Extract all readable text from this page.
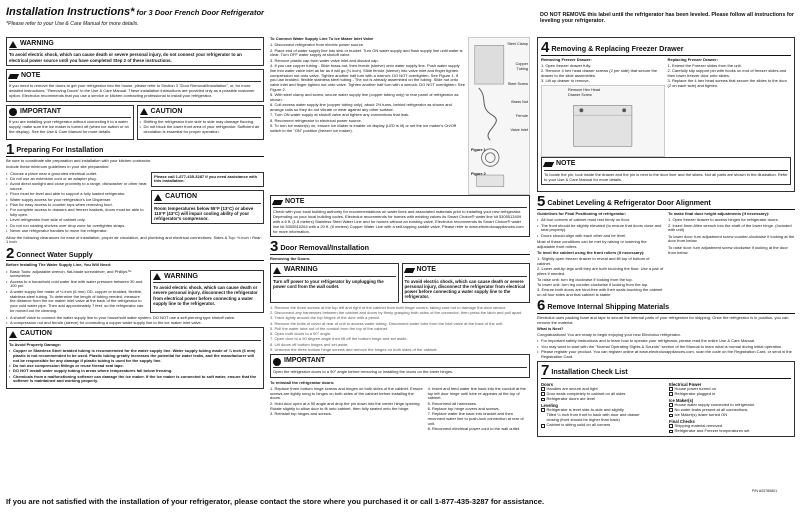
Installation Instructions* for 3 Door French Door Refrigerator
*Please refer to your Use & Care Manual for more details.
DO NOT REMOVE this label until the refrigerator has been leveled. Please follow all instructions for leveling your refrigerator.
WARNING
To avoid electric shock, which can cause death or severe personal injury, do not connect your refrigerator to an electrical power source until you have completed Step 2 of these instructions.
NOTE
If you need to remove the doors to get your refrigerator into the house, please refer to Section 3 "Door Removal/Installation", or, for more detailed instructions, "Removing Doors" in the Use & Care Manual. These installation instructions are provided only as a possible customer option. Electrolux recommends that you use a service or kitchen contracting professional to install your refrigerator.
IMPORTANT
If you are installing your refrigerator without connecting it to a water supply, make sure the ice maker is turned off (when ice switch or on the display). See the Use & Care Manual for more details.
CAUTION
• Shifting the refrigerator from side to side may damage flooring.
• Do not block the lower front area of your refrigerator. Sufficient air circulation is essential for proper operation.
1 Preparing For Installation

Be sure to coordinate site preparation and installation with your kitchen contractor.

Include these minimum guidelines in your site preparation:

• Choose a place near a grounded electrical outlet.
• Do not use an extension cord or an adapter plug.
• Avoid direct sunlight and close proximity to a range, dishwasher or other heat source.
• Floor must be level and able to support a fully loaded refrigerator.
• Water supply access for your refrigerator's Ice Dispenser.
• Plan for easy access to counter tops when removing food.
• For complete access to drawers and freezer baskets, doors must be able to fully open.
• Level refrigerator from side of cabinet only.
• Do not run rotating shelves over drop zone for overtighten straps.
• Never use refrigerator handles to move the refrigerator.
Please call 1-877-435-3287 if you need assistance with this installation.
CAUTION
Room temperatures below 55°F (13°C) or above 110°F (43°C) will impair cooling ability of your refrigerator's compressor.

Allow the following clearances for ease of installation, proper air circulation, and plumbing and electrical connections: Sides & Top: ⅜ inch / Rear: 1 inch

2 Connect Water Supply

Before Installing The Water Supply Line, You Will Need:

• Basic Tools: adjustable wrench, flat-blade screwdriver, and Phillips™ screwdriver
• Access to a household cold water line with water pressure between 30 and 100 psi.
• A water supply line made of ¼ inch (6 mm) OD, copper or braided, flexible, stainless steel tubing. To determine the length of tubing needed, measure the distance from the ice maker inlet valve at the back of the refrigerator to your cold water pipe. Then add approximately 7 feet, so the refrigerator can be moved out for cleaning.
WARNING
To avoid electric shock, which can cause death or severe personal injury, disconnect the refrigerator from electrical power before connecting a water supply line to the refrigerator.
• A shutoff valve to connect the water supply line to your household water system. DO NOT use a self-piercing type shutoff valve.
• A compression nut and ferrule (sleeve) for connecting a copper water supply line to the ice maker inlet valve.
CAUTION

To Avoid Property Damage:

• Copper or Stainless Steel braided tubing is recommended for the water supply line. Water supply tubing made of ¼ inch (6 mm) plastic is not recommended to be used. Plastic tubing greatly increases the potential for water leaks, and the manufacturer will not be responsible for any damage if plastic tubing is used for the supply line.
• Do not use compression fittings or reuse thread seal tape.
• DO NOT install water supply tubing in areas where temperatures fall below freezing.
• Chemicals from a malfunctioning softener can damage the ice maker. If the ice maker is connected to soft water, ensure that the softener is maintained and working properly.

To Connect Water Supply Line To Ice Maker Inlet Valve

1. Disconnect refrigerator from electric power source.
2. Place end of water supply line into sink or bucket. Turn ON water supply and flush supply line until water is clear. Turn OFF water supply at shutoff valve.
3. Remove plastic cap from water valve inlet and discard cap.
4. If you use copper tubing - Slide brass nut, then ferrule (sleeve) onto water supply line. Push water supply line into water valve inlet as far as it will go (¼ inch). Slide ferrule (sleeve) into valve inlet and finger tighten compression nut onto valve. Tighten another half turn with a wrench; DO NOT overtighten. See Figure 1. If you use braided, flexible stainless steel tubing - The nut is already assembled on the tubing. Slide nut onto valve inlet and finger tighten nut onto valve. Tighten another half turn with a wrench; DO NOT overtighten. See Figure 2.
5. With steel clamp and screw, secure water supply line (copper tubing only) to rear panel of refrigerator as shown.
6. Coil excess water supply line (copper tubing only), about 2½ turns, behind refrigerator as shown and arrange coils so they do not vibrate or wear against any other surface.
7. Turn ON water supply at shutoff valve and tighten any connections that leak.
8. Reconnect refrigerator to electrical power source.
9. To turn ice maker(s) on, ensure Ice Maker is enable on display (LED is lit) or set the ice maker's On/Off switch to the "ON" position (freezer ice maker).
Steel Clamp
Copper Tubing
Steel Screw
Brass Nut
Ferrule
Valve Inlet
Figure 1
Figure 2
NOTE
Check with your local building authority for recommendations on water lines and associated materials prior to installing your new refrigerator. Depending on your local building codes, Electrolux recommends for homes with existing valves its Smart Choice® water line kit 5305513409 with a 6 ft. (1.8 meters) Stainless Steel Water Line and for homes without an existing valve, Electrolux recommends its Smart Choice® water line kit 5305510264 with a 20 ft. (6 meters) Copper Water Line with a self-tapping saddle valve. Please refer to www.electroluxappliances.com for more information.
3 Door Removal/Installation

Removing the Doors:

WARNING
Turn off power to your refrigerator by unplugging the power cord from the wall outlet.
NOTE
To avoid electric shock, which can cause death or severe personal injury, disconnect the refrigerator from electrical power before connecting a water supply line to the refrigerator.
1. Remove the three screws at the top left and right of the cabinet from both hinge covers, taking care not to damage the door sensor.
2. Disconnect any harnesses between the cabinet and doors by firmly grasping both sides of the connector, then press the latch and pull apart.
3. Trace lightly around the top hinges of the door with a pencil.
4. Remove the bolts of cover at rear of unit to access water tubing. Disconnect water tube from the inlet valve at the back of the unit.
5. Pull the water tube out of the conduit from the top of the cabinet.
6. Open both doors to a 90° angle.
7. Open door to a 90 degree angle then lift off the bottom hinge and set aside.
8. Lift doors off bottom hinges and set aside.
9. Unscrew the three bottom hinge screws and remove the hinges on both sides of the cabinet.
IMPORTANT
Open the refrigerator doors to a 90° angle before removing or installing the doors on the lower hinges.

To reinstall the refrigerator doors:

1. Replace three bottom hinge screws and hinges on both sides of the cabinet. Ensure screws are tightly snug to hinges on both sides of the cabinet before installing the doors.
2. Hold door open at a 90 angle and drop the pin down into the center hinge opening. Rotate slightly to allow door to fit onto cabinet, then fully seated onto the hinge.
3. Reinstall top hinges and screws.
4. Insert and feed water line back into the conduit at the top left door hinge until tube re-appears at the top of cabinet.
5. Reconnect all harnesses.
6. Replace top hinge covers and screws.
7. Replace water line back into bracket and then reconnect water line to push-lock connection at rear of unit.
8. Reconnect electrical power cord to the wall outlet.
4 Removing & Replacing Freezer Drawer

Removing Freezer Drawer:

1. Open freezer drawer fully.
2. Remove 4 hex head drawer screws (2 per side) that secure the drawer to the slide assemblies.
3. Lift up drawer to remove.
Remove Hex Head Drawer Screw

Replacing Freezer Drawer:

1. Extend the Freezer slides from the unit.
2. Carefully slip support pin with hooks on end of freezer slides and then lower freezer door onto slides.
3. Replace the 4 hex head screws that secure the slides to the door (2 on each side) and tighten.
NOTE
To locate the pin, look inside the drawer and the pin is next to the door liner and the slides. Not all parts are shown in the illustration. Refer to your Use & Care Manual for more details.
5 Cabinet Leveling & Refrigerator Door Alignment

Guidelines for Final Positioning of refrigerator:

• All four corners of cabinet must rest firmly on floor.
• The front should be slightly elevated (to ensure that doors close and seal properly).
• Doors should align with each other and be level.

Most of these conditions can be met by raising or lowering the adjustable front rollers.

To level the cabinet using the front rollers (if necessary):

1. Slightly open freezer drawer to reveal and lift top of bottom of cabinet.
2. Lower anti-tip legs until they are both touching the floor. Use a pair of pliers if needed.
To raise unit: turn leg clockwise if looking from the top.
To lower unit: turn leg counter-clockwise if looking from the top.
3. Ensure both doors are bind-free with their seals touching the cabinet on all four sides and that cabinet is stable.

To make final door height adjustments (if necessary):

1. Open freezer drawer to access hinges for refrigerator doors.
2. Insert 6mm Allen wrench into the shaft of the lower hinge. (Included with unit)

To lower door: turn adjustment screw counter-clockwise if looking at the door from below.

To raise door: turn adjustment screw clockwise if looking at the door from below.

6 Remove Internal Shipping Materials

Electrolux uses packing foam and tape to secure the internal parts of your refrigerator for shipping. Once the refrigerator is in position, you can remove the material.

What is Next?

Congratulations! You are ready to begin enjoying your new Electrolux refrigerator.

• For important safety instructions and to learn how to operate your refrigerator, please read the entire Use & Care Manual.
• You may want to start with the "Normal Operating Sights & Sounds" section of the Manual to learn what is normal during initial operation.
• Please register your product. You can register online at www.electroluxappliances.com, scan the code on the Registration Card, or send in the Registration Card.
7 Installation Check List
Doors
Handles are secure and tight
Door seals completely to cabinet on all sides
Refrigerator doors are level
Leveling
Refrigerator is level side-to-side and slightly
Tilted ¼ inch from front to back with door and drawer
closing (front should be higher than back)
Cabinet is sitting solid on all corners
Electrical Power
House power turned on
Refrigerator plugged in
Ice Maker(s)
House water supply connected to refrigerator
No water leaks present at all connections
Ice Maker(s) is/are turned ON
Final Checks
Shipping material removed
Refrigerator and Freezer temperatures set
P/N A03780801
If you are not satisfied with the installation of your refrigerator, please contact the store where you purchased it or call 1-877-435-3287 for assistance.
